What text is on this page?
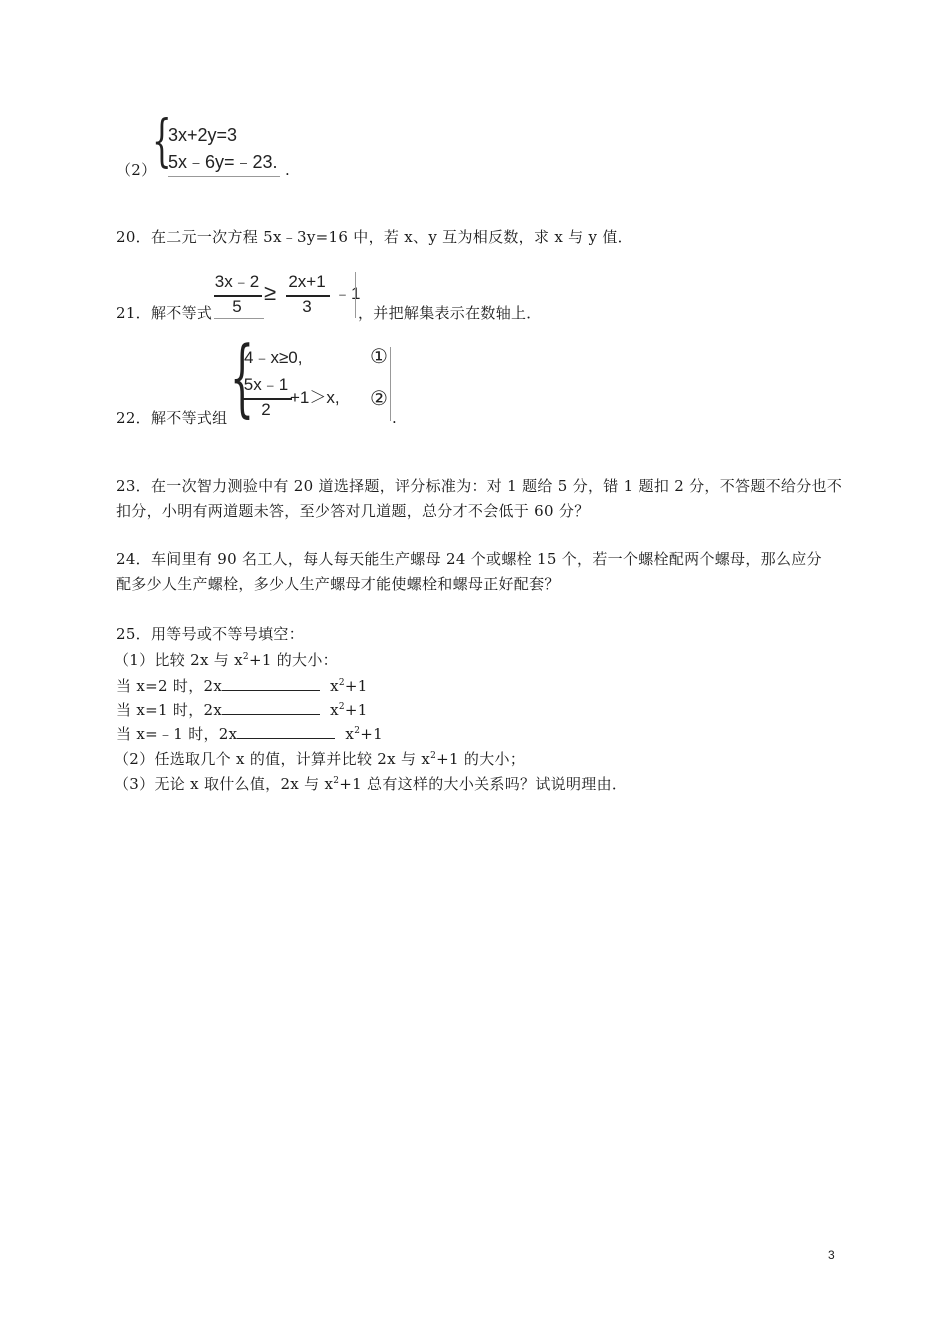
（2）
{
3x+2y=3
5x﹣6y=﹣23. .
20．在二元一次方程 5x﹣3y=16 中，若 x、y 互为相反数，求 x 与 y 值．
21．解不等式
3x﹣2
5
≥ 2x+1
3
﹣1
，并把解集表示在数轴上．
22．解不等式组 {
4﹣x≥0,	①
5x﹣1
2
+1＞x, ②
.
23．在一次智力测验中有 20 道选择题，评分标准为：对 1 题给 5 分，错 1 题扣 2 分，不答题不给分也不
扣分，小明有两道题未答，至少答对几道题，总分才不会低于 60 分？
24．车间里有 90 名工人，每人每天能生产螺母 24 个或螺栓 15 个，若一个螺栓配两个螺母，那么应分
配多少人生产螺栓，多少人生产螺母才能使螺栓和螺母正好配套？
25．用等号或不等号填空：
（1）比较 2x 与 $x^2+1$ 的大小：
当 x=2 时，2x	$x^2+1$
当 x=1 时，2x	$x^2+1$
当 x=﹣1 时，2x	$x^2+1$
（2）任选取几个 x 的值，计算并比较 2x 与 $x^2+1$ 的大小；
（3）无论 x 取什么值，2x 与 $x^2+1$ 总有这样的大小关系吗？试说明理由．
3
